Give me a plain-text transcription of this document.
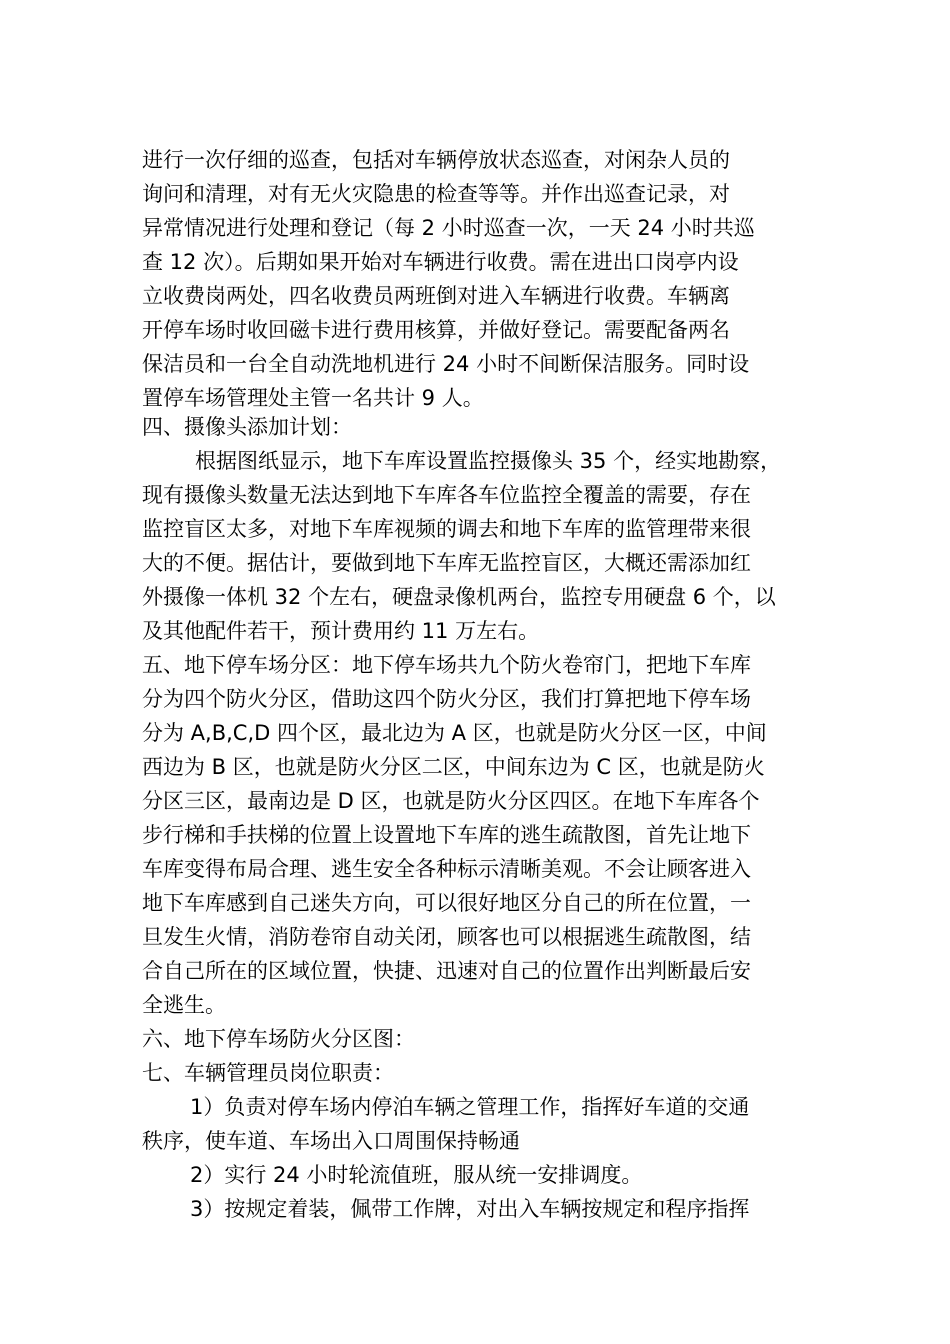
进行一次仔细的巡查，包括对车辆停放状态巡查，对闲杂人员的
询问和清理，对有无火灾隐患的检查等等。并作出巡查记录，对
异常情况进行处理和登记（每 2 小时巡查一次，一天 24 小时共巡
查 12 次）。后期如果开始对车辆进行收费。需在进出口岗亭内设
立收费岗两处，四名收费员两班倒对进入车辆进行收费。车辆离
开停车场时收回磁卡进行费用核算，并做好登记。需要配备两名
保洁员和一台全自动洗地机进行 24 小时不间断保洁服务。同时设
置停车场管理处主管一名共计 9 人。
四、摄像头添加计划：
根据图纸显示，地下车库设置监控摄像头 35 个，经实地勘察，
现有摄像头数量无法达到地下车库各车位监控全覆盖的需要，存在
监控盲区太多，对地下车库视频的调去和地下车库的监管理带来很
大的不便。据估计，要做到地下车库无监控盲区，大概还需添加红
外摄像一体机 32 个左右，硬盘录像机两台，监控专用硬盘 6 个，以
及其他配件若干，预计费用约 11 万左右。
五、地下停车场分区：地下停车场共九个防火卷帘门，把地下车库
分为四个防火分区，借助这四个防火分区，我们打算把地下停车场
分为 A,B,C,D 四个区，最北边为 A 区，也就是防火分区一区，中间
西边为 B 区，也就是防火分区二区，中间东边为 C 区，也就是防火
分区三区，最南边是 D 区，也就是防火分区四区。在地下车库各个
步行梯和手扶梯的位置上设置地下车库的逃生疏散图，首先让地下
车库变得布局合理、逃生安全各种标示清晰美观。不会让顾客进入
地下车库感到自己迷失方向，可以很好地区分自己的所在位置，一
旦发生火情，消防卷帘自动关闭，顾客也可以根据逃生疏散图，结
合自己所在的区域位置，快捷、迅速对自己的位置作出判断最后安
全逃生。
六、地下停车场防火分区图：
七、车辆管理员岗位职责：
1）负责对停车场内停泊车辆之管理工作，指挥好车道的交通
秩序，使车道、车场出入口周围保持畅通
2）实行 24 小时轮流值班，服从统一安排调度。
3）按规定着装，佩带工作牌，对出入车辆按规定和程序指挥
